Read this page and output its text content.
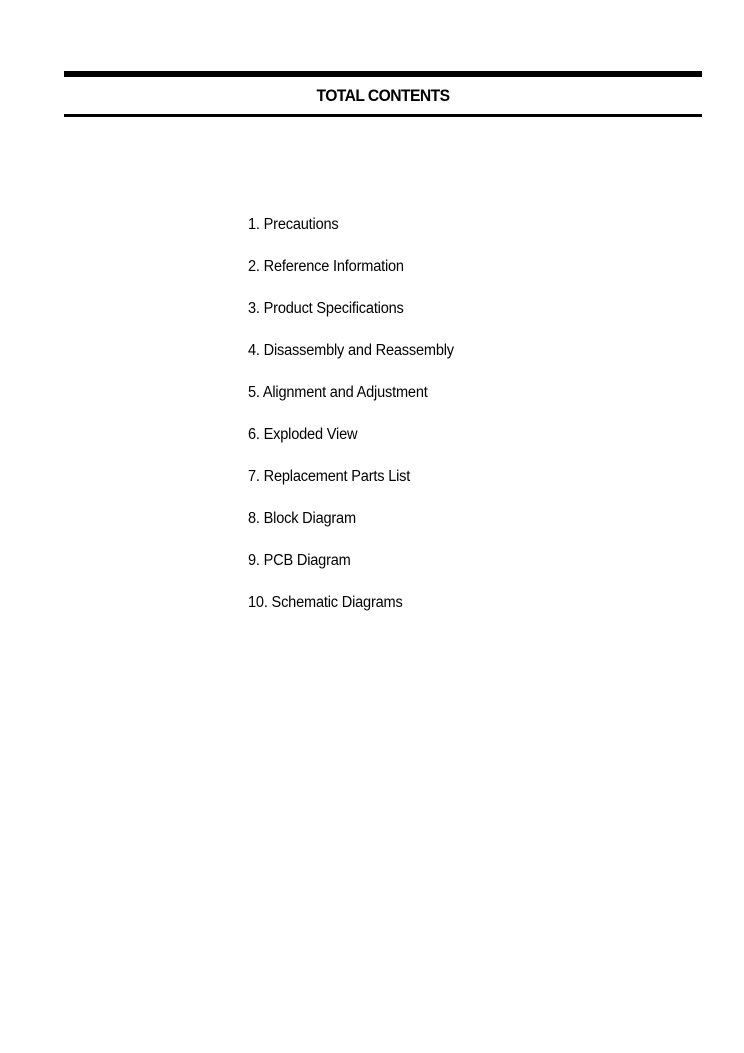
TOTAL CONTENTS
1. Precautions
2. Reference Information
3. Product Specifications
4. Disassembly and Reassembly
5. Alignment and Adjustment
6. Exploded View
7. Replacement Parts List
8. Block Diagram
9. PCB Diagram
10. Schematic Diagrams
